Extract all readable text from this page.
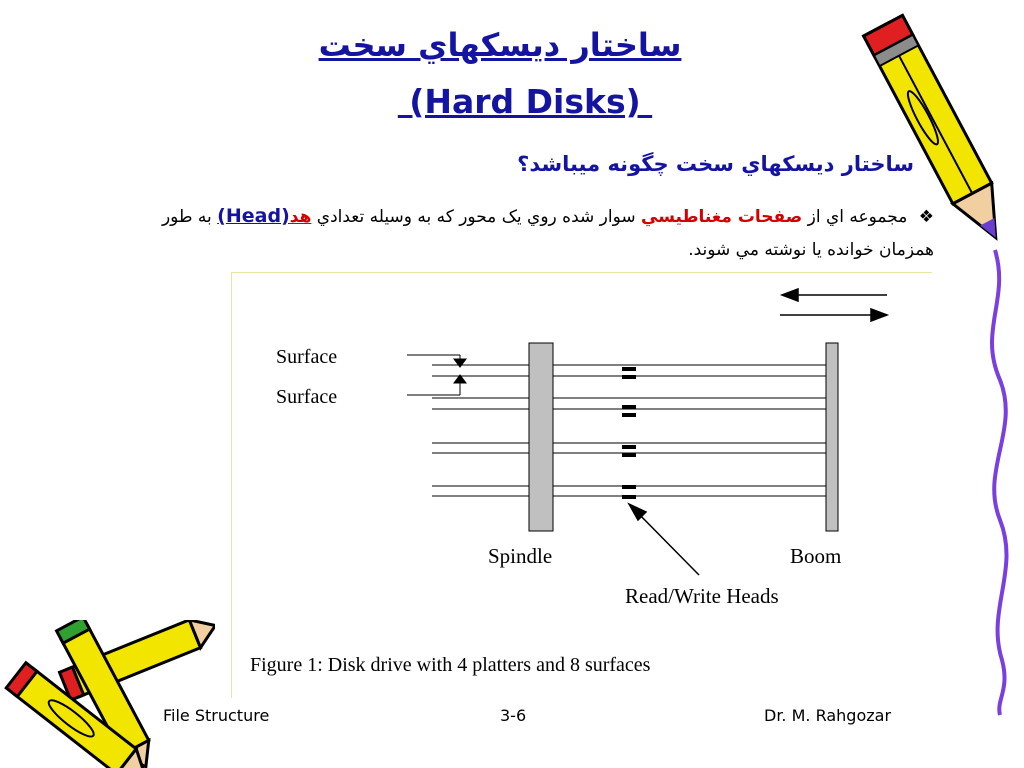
ساختار دیسکهاي سخت
(Hard Disks)
ساختار دیسکهاي سخت چگونه میباشد؟
❖ مجموعه اي از صفحات مغناطیسي سوار شده روي یک محور که به وسیله تعدادي هد(Head) به طور همزمان خوانده یا نوشته مي شوند.
Surface
Surface
Spindle	Boom
Read/Write Heads
Figure 1: Disk drive with 4 platters and 8 surfaces
File Structure	3-6	Dr. M. Rahgozar
